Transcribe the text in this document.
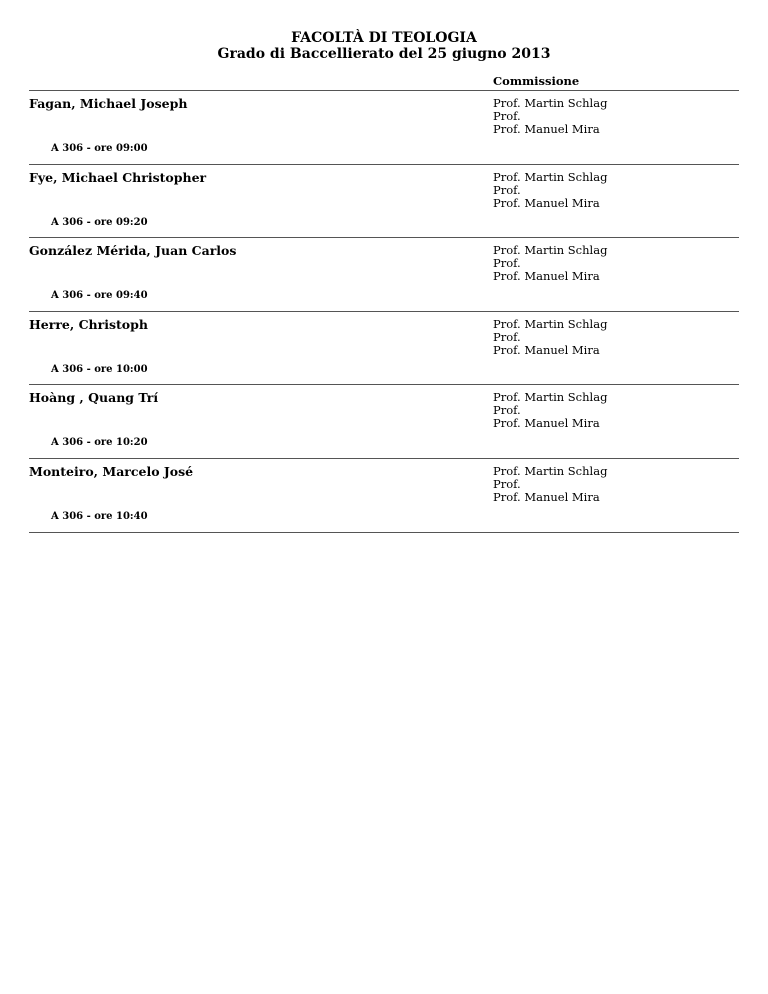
FACOLTÀ DI TEOLOGIA
Grado di Baccellierato del 25 giugno 2013
Commissione
Fagan, Michael Joseph	Prof. Martin Schlag
Prof.
Prof. Manuel Mira
A 306 - ore 09:00
Fye, Michael Christopher	Prof. Martin Schlag
Prof.
Prof. Manuel Mira
A 306 - ore 09:20
González Mérida, Juan Carlos	Prof. Martin Schlag
Prof.
Prof. Manuel Mira
A 306 - ore 09:40
Herre, Christoph	Prof. Martin Schlag
Prof.
Prof. Manuel Mira
A 306 - ore 10:00
Hoàng , Quang Trí	Prof. Martin Schlag
Prof.
Prof. Manuel Mira
A 306 - ore 10:20
Monteiro, Marcelo José	Prof. Martin Schlag
Prof.
Prof. Manuel Mira
A 306 - ore 10:40
